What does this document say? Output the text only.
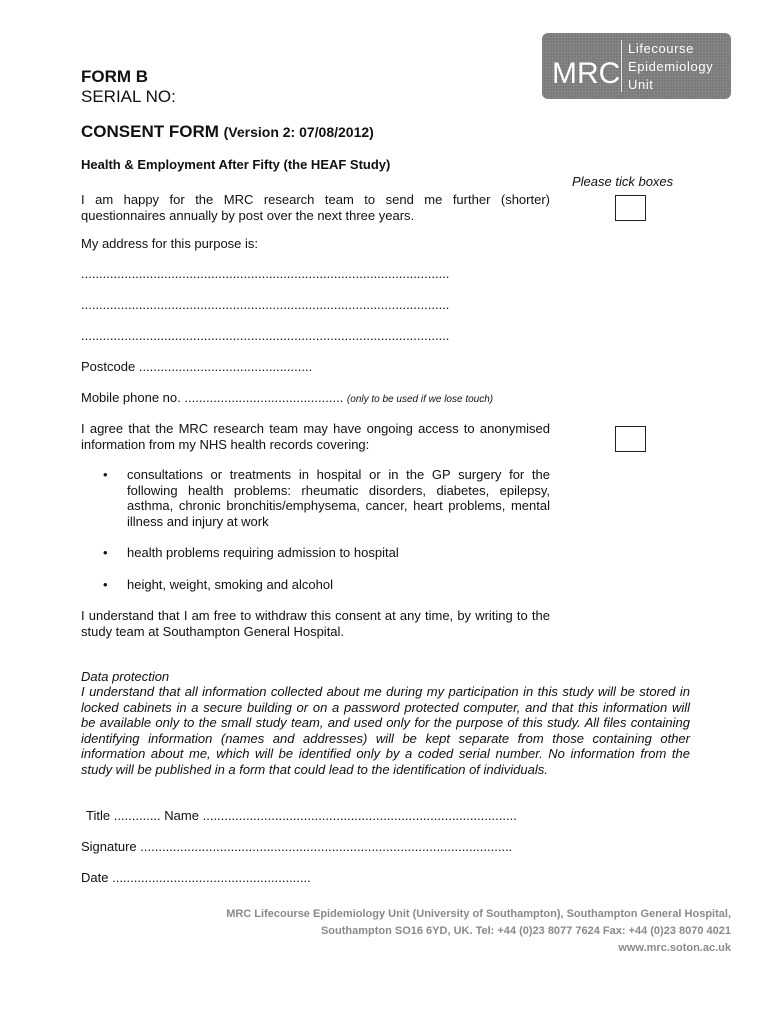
MRC
Lifecourse
Epidemiology
Unit
FORM B
SERIAL NO:
CONSENT FORM (Version 2: 07/08/2012)
Health & Employment After Fifty (the HEAF Study)
Please tick boxes
I am happy for the MRC research team to send me further (shorter) questionnaires annually by post over the next three years.
My address for this purpose is:
......................................................................................................
......................................................................................................
......................................................................................................
Postcode ................................................
Mobile phone no. ............................................ (only to be used if we lose touch)
I agree that the MRC research team may have ongoing access to anonymised information from my NHS health records covering:
• consultations or treatments in hospital or in the GP surgery for the following health problems: rheumatic disorders, diabetes, epilepsy, asthma, chronic bronchitis/emphysema, cancer, heart problems, mental illness and injury at work
• health problems requiring admission to hospital
• height, weight, smoking and alcohol
I understand that I am free to withdraw this consent at any time, by writing to the study team at Southampton General Hospital.
Data protection
I understand that all information collected about me during my participation in this study will be stored in locked cabinets in a secure building or on a password protected computer, and that this information will be available only to the small study team, and used only for the purpose of this study. All files containing identifying information (names and addresses) will be kept separate from those containing other information about me, which will be identified only by a coded serial number. No information from the study will be published in a form that could lead to the identification of individuals.
Title ............. Name .......................................................................................
Signature .......................................................................................................
Date .......................................................
MRC Lifecourse Epidemiology Unit (University of Southampton), Southampton General Hospital,
Southampton SO16 6YD, UK. Tel: +44 (0)23 8077 7624 Fax: +44 (0)23 8070 4021
www.mrc.soton.ac.uk
